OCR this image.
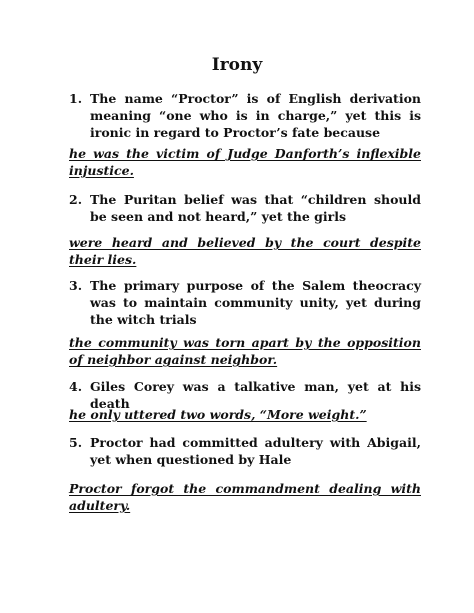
Irony

1. The name “Proctor” is of English derivation meaning “one who is in charge,” yet this is ironic in regard to Proctor’s fate because

he was the victim of Judge Danforth’s inflexible injustice.

2. The Puritan belief was that “children should be seen and not heard,” yet the girls

were heard and believed by the court despite their lies.

3. The primary purpose of the Salem theocracy was to maintain community unity, yet during the witch trials

the community was torn apart by the opposition of neighbor against neighbor.

4. Giles Corey was a talkative man, yet at his death

he only uttered two words, “More weight.”

5. Proctor had committed adultery with Abigail, yet when questioned by Hale

Proctor forgot the commandment dealing with adultery.
